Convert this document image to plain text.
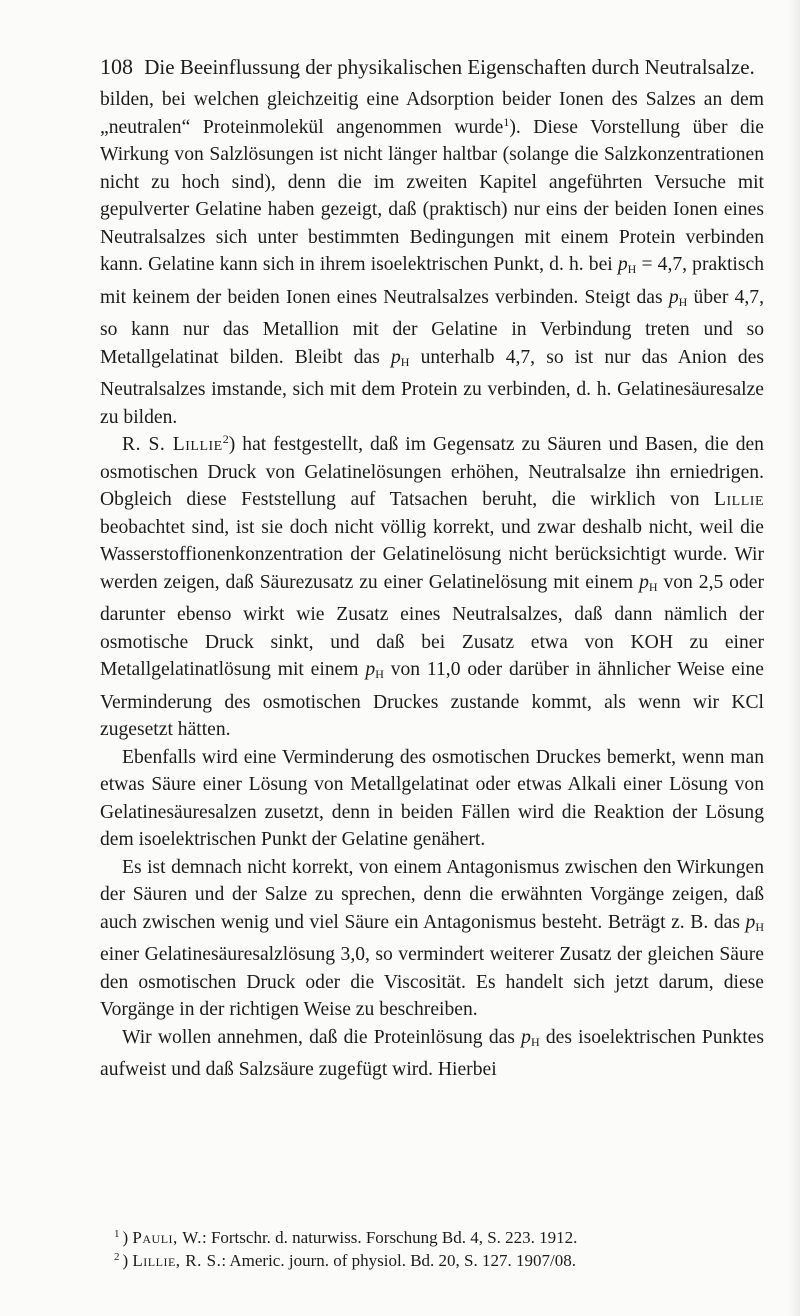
108 Die Beeinflussung der physikalischen Eigenschaften durch Neutralsalze.

bilden, bei welchen gleichzeitig eine Adsorption beider Ionen des Salzes an dem „neutralen“ Proteinmolekül angenommen wurde$^1$). Diese Vorstellung über die Wirkung von Salzlösungen ist nicht länger haltbar (solange die Salzkonzentrationen nicht zu hoch sind), denn die im zweiten Kapitel angeführten Versuche mit gepulverter Gelatine haben gezeigt, daß (praktisch) nur eins der beiden Ionen eines Neutralsalzes sich unter bestimmten Bedingungen mit einem Protein verbinden kann. Gelatine kann sich in ihrem isoelektrischen Punkt, d. h. bei $p_H = 4,7$, praktisch mit keinem der beiden Ionen eines Neutralsalzes verbinden. Steigt das $p_H$ über 4,7, so kann nur das Metallion mit der Gelatine in Verbindung treten und so Metallgelatinat bilden. Bleibt das $p_H$ unterhalb 4,7, so ist nur das Anion des Neutralsalzes imstande, sich mit dem Protein zu verbinden, d. h. Gelatinesäuresalze zu bilden.

R. S. Lillie$^2$) hat festgestellt, daß im Gegensatz zu Säuren und Basen, die den osmotischen Druck von Gelatinelösungen erhöhen, Neutralsalze ihn erniedrigen. Obgleich diese Feststellung auf Tatsachen beruht, die wirklich von Lillie beobachtet sind, ist sie doch nicht völlig korrekt, und zwar deshalb nicht, weil die Wasserstoffionenkonzentration der Gelatinelösung nicht berücksichtigt wurde. Wir werden zeigen, daß Säurezusatz zu einer Gelatinelösung mit einem $p_H$ von 2,5 oder darunter ebenso wirkt wie Zusatz eines Neutralsalzes, daß dann nämlich der osmotische Druck sinkt, und daß bei Zusatz etwa von KOH zu einer Metallgelatinatlösung mit einem $p_H$ von 11,0 oder darüber in ähnlicher Weise eine Verminderung des osmotischen Druckes zustande kommt, als wenn wir KCl zugesetzt hätten.

Ebenfalls wird eine Verminderung des osmotischen Druckes bemerkt, wenn man etwas Säure einer Lösung von Metallgelatinat oder etwas Alkali einer Lösung von Gelatinesäuresalzen zusetzt, denn in beiden Fällen wird die Reaktion der Lösung dem isoelektrischen Punkt der Gelatine genähert.

Es ist demnach nicht korrekt, von einem Antagonismus zwischen den Wirkungen der Säuren und der Salze zu sprechen, denn die erwähnten Vorgänge zeigen, daß auch zwischen wenig und viel Säure ein Antagonismus besteht. Beträgt z. B. das $p_H$ einer Gelatinesäuresalzlösung 3,0, so vermindert weiterer Zusatz der gleichen Säure den osmotischen Druck oder die Viscosität. Es handelt sich jetzt darum, diese Vorgänge in der richtigen Weise zu beschreiben.

Wir wollen annehmen, daß die Proteinlösung das $p_H$ des isoelektrischen Punktes aufweist und daß Salzsäure zugefügt wird. Hierbei

$^1$ ) Pauli, W.: Fortschr. d. naturwiss. Forschung Bd. 4, S. 223. 1912.
$^2$ ) Lillie, R. S.: Americ. journ. of physiol. Bd. 20, S. 127. 1907/08.
